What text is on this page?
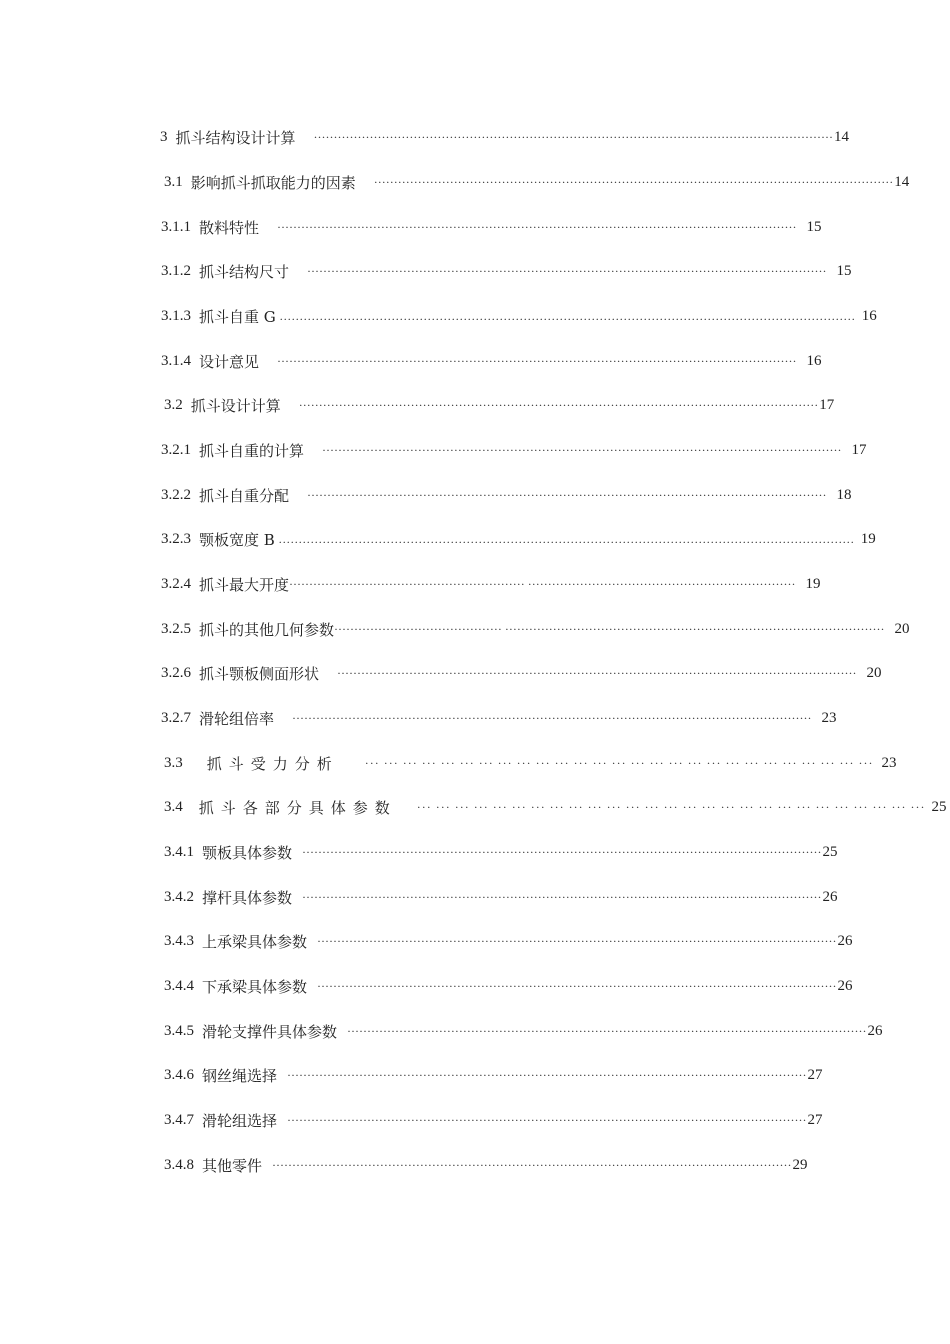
3 抓斗结构设计计算 ·································································································································· 14
3.1 影响抓斗抓取能力的因素 ·································································································································· 14
3.1.1 散料特性 ·································································································································· 15
3.1.2 抓斗结构尺寸 ·································································································································· 15
3.1.3 抓斗自重 G ................................................................................................................................................ 16
3.1.4 设计意见 ·································································································································· 16
3.2 抓斗设计计算 ·································································································································· 17
3.2.1 抓斗自重的计算 ·································································································································· 17
3.2.2 抓斗自重分配 ·································································································································· 18
3.2.3 颚板宽度 B ................................................................................................................................................ 19
3.2.4 抓斗最大开度 ··························································· ··································································· 19
3.2.5 抓斗的其他几何参数 ·········································· ······························································································· 20
3.2.6 抓斗颚板侧面形状 ·································································································································· 20
3.2.7 滑轮组倍率 ·································································································································· 23
3.3 抓斗受力分析 ··· ··· ··· ··· ··· ··· ··· ··· ··· ··· ··· ··· ··· ··· ··· ··· ··· ··· ··· ··· ··· ··· ··· ··· ··· ··· ··· 23
3.4 抓斗各部分具体参数 ··· ··· ··· ··· ··· ··· ··· ··· ··· ··· ··· ··· ··· ··· ··· ··· ··· ··· ··· ··· ··· ··· ··· ··· ··· ··· ··· 25
3.4.1 颚板具体参数 ·································································································································· 25
3.4.2 撑杆具体参数 ·································································································································· 26
3.4.3 上承梁具体参数 ·································································································································· 26
3.4.4 下承梁具体参数 ·································································································································· 26
3.4.5 滑轮支撑件具体参数 ·································································································································· 26
3.4.6 钢丝绳选择 ·································································································································· 27
3.4.7 滑轮组选择 ·································································································································· 27
3.4.8 其他零件 ·································································································································· 29
